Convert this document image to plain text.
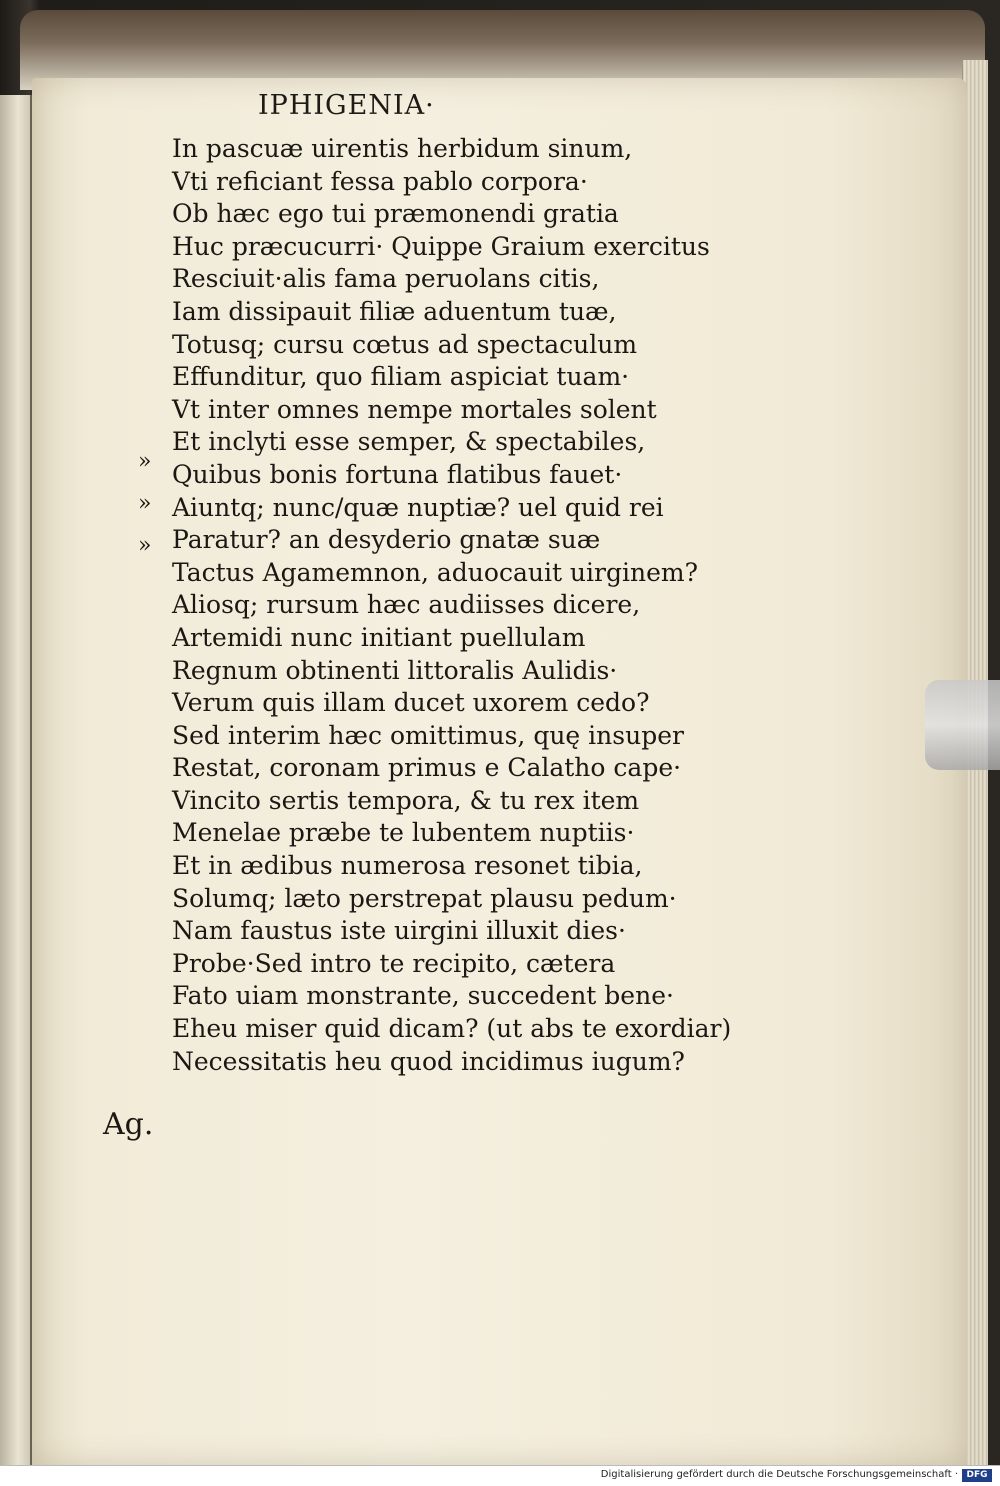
IPHIGENIA·
In pascuæ uirentis herbidum sinum,
Vti reficiant fessa pablo corpora·
Ob hæc ego tui præmonendi gratia
Huc præcucurri· Quippe Graium exercitus
Resciuit·alis fama peruolans citis,
Iam dissipauit filiæ aduentum tuæ,
Totusq; cursu cœtus ad spectaculum
Effunditur, quo filiam aspiciat tuam·
Vt inter omnes nempe mortales solent
Et inclyti esse semper, & spectabiles,
Quibus bonis fortuna flatibus fauet·
Aiuntq; nunc/quæ nuptiæ? uel quid rei
Paratur? an desyderio gnatæ suæ
Tactus Agamemnon, aduocauit uirginem?
Aliosq; rursum hæc audiisses dicere,
Artemidi nunc initiant puellulam
Regnum obtinenti littoralis Aulidis·
Verum quis illam ducet uxorem cedo?
Sed interim hæc omittimus, quę insuper
Restat, coronam primus e Calatho cape·
Vincito sertis tempora, & tu rex item
Menelae præbe te lubentem nuptiis·
Et in ædibus numerosa resonet tibia,
Solumq; læto perstrepat plausu pedum·
Nam faustus iste uirgini illuxit dies·
Probe·Sed intro te recipito, cætera
Fato uiam monstrante, succedent bene·
Eheu miser quid dicam? (ut abs te exordiar)
Necessitatis heu quod incidimus iugum?
»
»
»
Ag.
Digitalisierung gefördert durch die Deutsche Forschungsgemeinschaft · DFG
